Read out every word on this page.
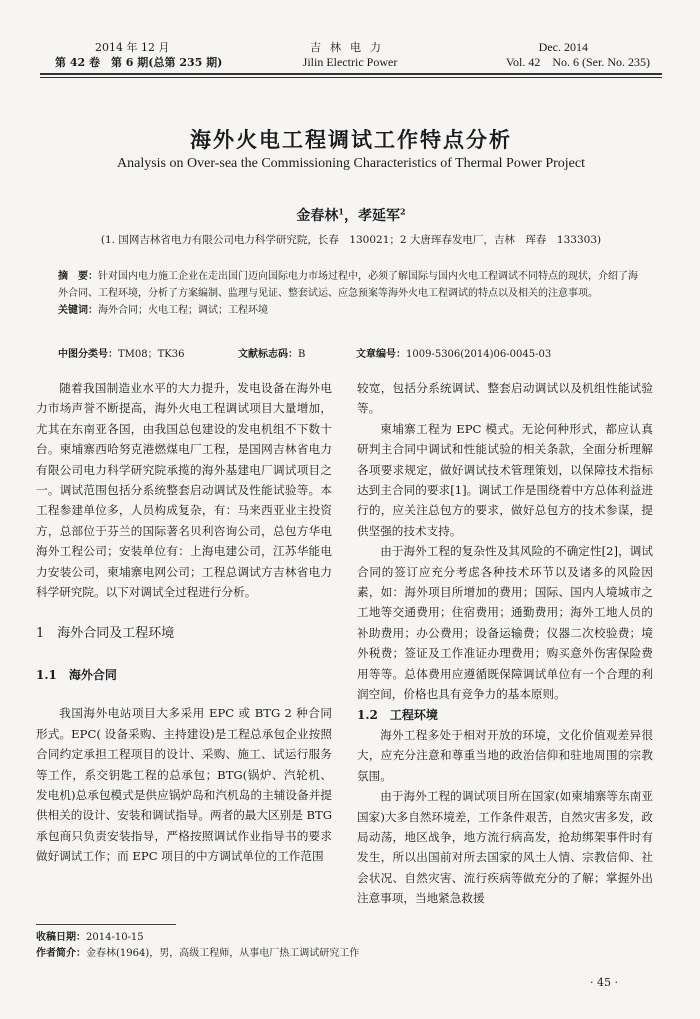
2014 年 12 月
第 42 卷　第 6 期(总第 235 期)
吉林电力
Jilin Electric Power
Dec. 2014
Vol. 42　No. 6 (Ser. No. 235)
海外火电工程调试工作特点分析
Analysis on Over-sea the Commissioning Characteristics of Thermal Power Project
金春林$^1$，孝延军$^2$
(1. 国网吉林省电力有限公司电力科学研究院，长春　130021；2 大唐珲春发电厂，吉林　珲春　133303)
摘　要：针对国内电力施工企业在走出国门迈向国际电力市场过程中，必须了解国际与国内火电工程调试不同特点的现状，介绍了海外合同、工程环境，分析了方案编制、监理与见证、整套试运、应急预案等海外火电工程调试的特点以及相关的注意事项。
关键词：海外合同；火电工程；调试；工程环境
中图分类号：TM08；TK36	文献标志码：B	文章编号：1009-5306(2014)06-0045-03

随着我国制造业水平的大力提升，发电设备在海外电力市场声誉不断提高，海外火电工程调试项目大量增加，尤其在东南亚各国，由我国总包建设的发电机组不下数十台。柬埔寨西哈努克港燃煤电厂工程，是国网吉林省电力有限公司电力科学研究院承揽的海外基建电厂调试项目之一。调试范围包括分系统整套启动调试及性能试验等。本工程参建单位多，人员构成复杂，有：马来西亚业主投资方，总部位于芬兰的国际著名贝利咨询公司，总包方华电海外工程公司；安装单位有：上海电建公司，江苏华能电力安装公司，柬埔寨电网公司；工程总调试方吉林省电力科学研究院。以下对调试全过程进行分析。

1　海外合同及工程环境

1.1　海外合同

我国海外电站项目大多采用 EPC 或 BTG 2 种合同形式。EPC( 设备采购、主持建设)是工程总承包企业按照合同约定承担工程项目的设计、采购、施工、试运行服务等工作，系交钥匙工程的总承包；BTG(锅炉、汽轮机、发电机)总承包模式是供应锅炉岛和汽机岛的主辅设备并提供相关的设计、安装和调试指导。两者的最大区别是 BTG 承包商只负责安装指导，严格按照调试作业指导书的要求做好调试工作；而 EPC 项目的中方调试单位的工作范围

较宽，包括分系统调试、整套启动调试以及机组性能试验等。

柬埔寨工程为 EPC 模式。无论何种形式，都应认真研判主合同中调试和性能试验的相关条款，全面分析理解各项要求规定，做好调试技术管理策划，以保障技术指标达到主合同的要求[1]。调试工作是围绕着中方总体利益进行的，应关注总包方的要求，做好总包方的技术参谋，提供坚强的技术支持。

由于海外工程的复杂性及其风险的不确定性[2]，调试合同的签订应充分考虑各种技术环节以及诸多的风险因素，如：海外项目所增加的费用；国际、国内人境城市之工地等交通费用；住宿费用；通勤费用；海外工地人员的补助费用；办公费用；设备运输费；仪器二次校验费；境外税费；签证及工作准证办理费用；购买意外伤害保险费用等等。总体费用应遵循既保障调试单位有一个合理的利润空间，价格也具有竞争力的基本原则。

1.2　工程环境

海外工程多处于相对开放的环境，文化价值观差异很大，应充分注意和尊重当地的政治信仰和驻地周围的宗教氛围。

由于海外工程的调试项目所在国家(如柬埔寨等东南亚国家)大多自然环境差，工作条件艰苦，自然灾害多发，政局动荡，地区战争，地方流行病高发，抢劫绑架事件时有发生，所以出国前对所去国家的风土人情、宗教信仰、社会状况、自然灾害、流行疾病等做充分的了解；掌握外出注意事项，当地紧急救援

收稿日期：2014-10-15
作者简介：金春林(1964)，男，高级工程师，从事电厂热工调试研究工作
· 45 ·
